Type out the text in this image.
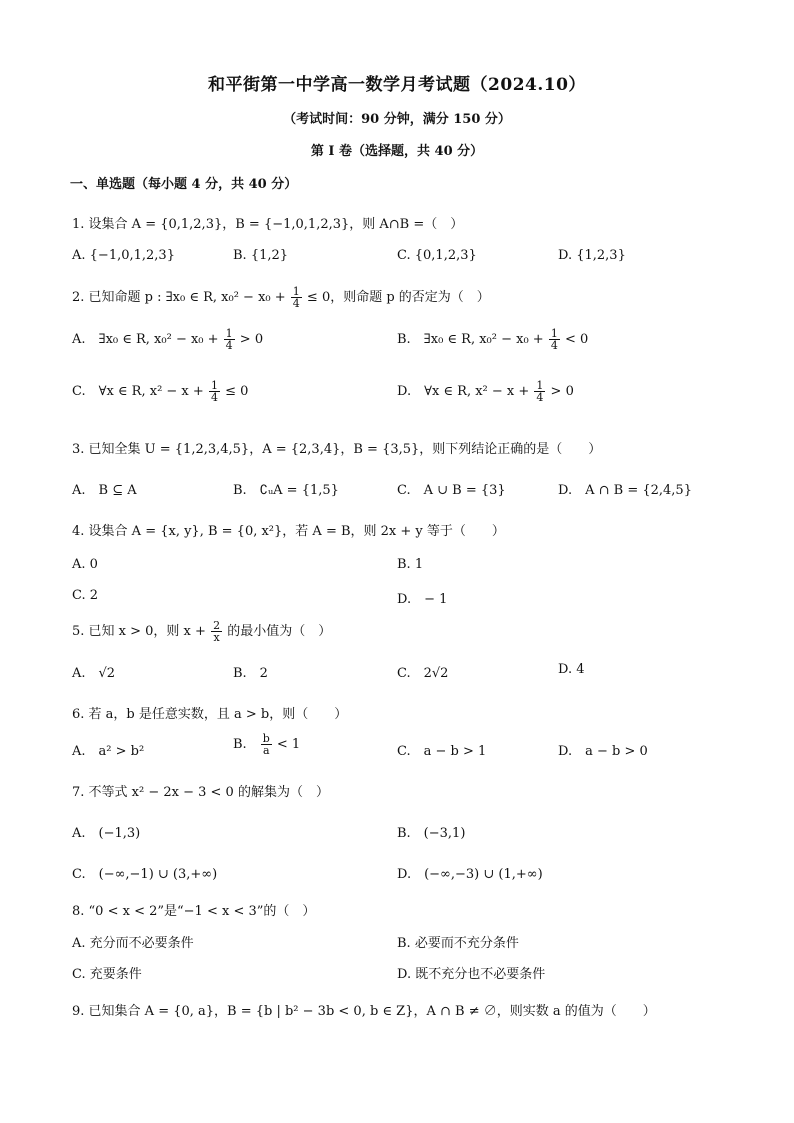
和平街第一中学高一数学月考试题（2024.10）
（考试时间：90 分钟，满分 150 分）
第 I 卷（选择题，共 40 分）
一、单选题（每小题 4 分，共 40 分）
1. 设集合 A = {0,1,2,3}，B = {−1,0,1,2,3}，则 A∩B =（　）
A. {−1,0,1,2,3}	B. {1,2}	C. {0,1,2,3}	D. {1,2,3}
2. 已知命题 p : ∃x₀ ∈ R, $x_0^2 - x_0 + \frac{1}{4} \le 0$，则命题 p 的否定为（　）
A.　∃x₀ ∈ R, $x_0^2 - x_0 + \frac{1}{4} > 0$	B.　∃x₀ ∈ R, $x_0^2 - x_0 + \frac{1}{4} < 0$
C.　∀x ∈ R, $x^2 - x + \frac{1}{4} \le 0$	D.　∀x ∈ R, $x^2 - x + \frac{1}{4} > 0$
3. 已知全集 U = {1,2,3,4,5}，A = {2,3,4}，B = {3,5}，则下列结论正确的是（　　）
A.　B ⊆ A	B.　∁ᵤA = {1,5}	C.　A ∪ B = {3}	D.　A ∩ B = {2,4,5}
4. 设集合 A = {x, y}, B = {0, x²}，若 A = B，则 2x + y 等于（　　）
A. 0	B. 1
C. 2	D.　− 1
5. 已知 x > 0，则 $x + \frac{2}{x}$ 的最小值为（　）
A.　√2	B.　2	C.　2√2	D. 4
6. 若 a，b 是任意实数，且 a > b，则（　　）
A.　a² > b²	B.　 $\frac{b}{a} < 1$	C.　a − b > 1	D.　a − b > 0
7. 不等式 x² − 2x − 3 < 0 的解集为（　）
A.　(−1,3)	B.　(−3,1)
C.　(−∞,−1) ∪ (3,+∞)	D.　(−∞,−3) ∪ (1,+∞)
8. “0 < x < 2”是“−1 < x < 3”的（　）
A. 充分而不必要条件	B. 必要而不充分条件
C. 充要条件	D. 既不充分也不必要条件
9. 已知集合 A = {0, a}，B = {b | b² − 3b < 0, b ∈ Z}，A ∩ B ≠ ∅，则实数 a 的值为（　　）
